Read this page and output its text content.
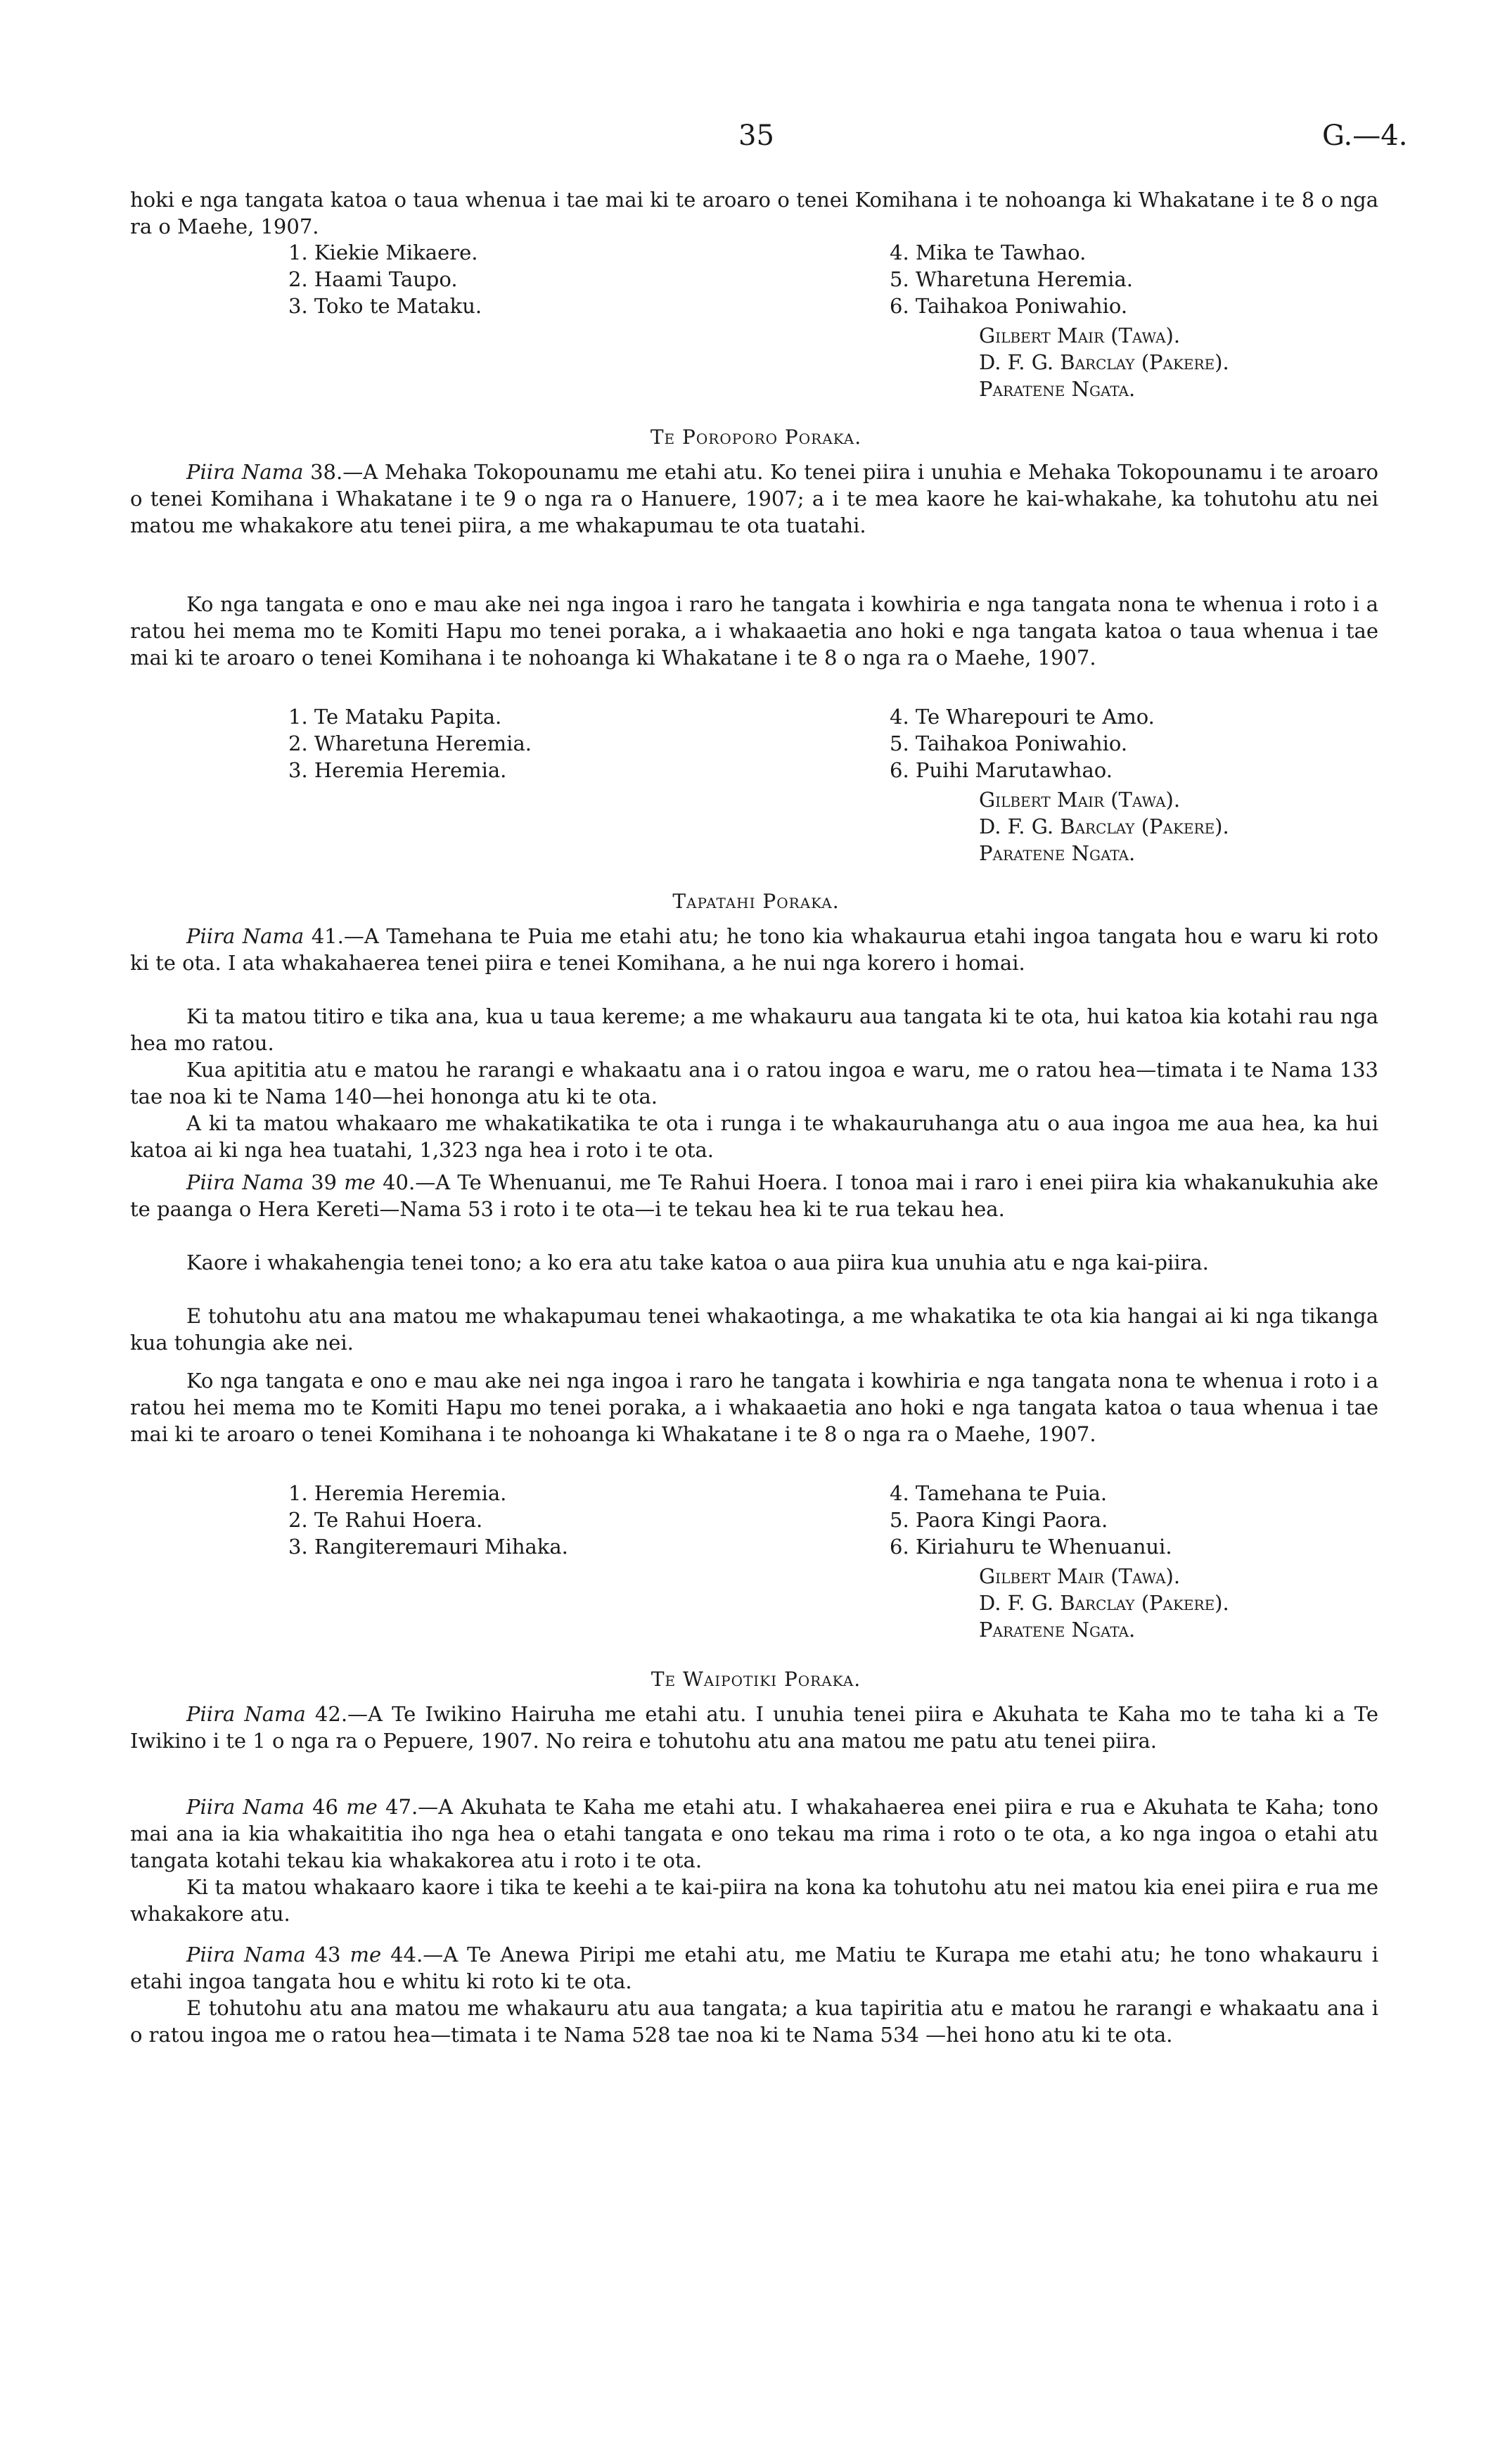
35	G.—4.

hoki e nga tangata katoa o taua whenua i tae mai ki te aroaro o tenei Komihana i te nohoanga ki Whakatane i te 8 o nga ra o Maehe, 1907.

1. Kiekie Mikaere.
2. Haami Taupo.
3. Toko te Mataku.
4. Mika te Tawhao.
5. Wharetuna Heremia.
6. Taihakoa Poniwahio.
Gilbert Mair (Tawa).
D. F. G. Barclay (Pakere).
Paratene Ngata.
Te Poroporo Poraka.

Piira Nama 38.—A Mehaka Tokopounamu me etahi atu. Ko tenei piira i unuhia e Mehaka Tokopounamu i te aroaro o tenei Komihana i Whakatane i te 9 o nga ra o Hanuere, 1907; a i te mea kaore he kai-whakahe, ka tohutohu atu nei matou me whakakore atu tenei piira, a me whakapumau te ota tuatahi.

Ko nga tangata e ono e mau ake nei nga ingoa i raro he tangata i kowhiria e nga tangata nona te whenua i roto i a ratou hei mema mo te Komiti Hapu mo tenei poraka, a i whakaaetia ano hoki e nga tangata katoa o taua whenua i tae mai ki te aroaro o tenei Komihana i te nohoanga ki Whakatane i te 8 o nga ra o Maehe, 1907.

1. Te Mataku Papita.
2. Wharetuna Heremia.
3. Heremia Heremia.
4. Te Wharepouri te Amo.
5. Taihakoa Poniwahio.
6. Puihi Marutawhao.
Gilbert Mair (Tawa).
D. F. G. Barclay (Pakere).
Paratene Ngata.
Tapatahi Poraka.

Piira Nama 41.—A Tamehana te Puia me etahi atu; he tono kia whakaurua etahi ingoa tangata hou e waru ki roto ki te ota. I ata whakahaerea tenei piira e tenei Komihana, a he nui nga korero i homai.

Ki ta matou titiro e tika ana, kua u taua kereme; a me whakauru aua tangata ki te ota, hui katoa kia kotahi rau nga hea mo ratou.

Kua apititia atu e matou he rarangi e whakaatu ana i o ratou ingoa e waru, me o ratou hea—timata i te Nama 133 tae noa ki te Nama 140—hei hononga atu ki te ota.

A ki ta matou whakaaro me whakatikatika te ota i runga i te whakauruhanga atu o aua ingoa me aua hea, ka hui katoa ai ki nga hea tuatahi, 1,323 nga hea i roto i te ota.

Piira Nama 39 me 40.—A Te Whenuanui, me Te Rahui Hoera. I tonoa mai i raro i enei piira kia whakanukuhia ake te paanga o Hera Kereti—Nama 53 i roto i te ota—i te tekau hea ki te rua tekau hea.

Kaore i whakahengia tenei tono; a ko era atu take katoa o aua piira kua unuhia atu e nga kai-piira.

E tohutohu atu ana matou me whakapumau tenei whakaotinga, a me whakatika te ota kia hangai ai ki nga tikanga kua tohungia ake nei.

Ko nga tangata e ono e mau ake nei nga ingoa i raro he tangata i kowhiria e nga tangata nona te whenua i roto i a ratou hei mema mo te Komiti Hapu mo tenei poraka, a i whakaaetia ano hoki e nga tangata katoa o taua whenua i tae mai ki te aroaro o tenei Komihana i te nohoanga ki Whakatane i te 8 o nga ra o Maehe, 1907.

1. Heremia Heremia.
2. Te Rahui Hoera.
3. Rangiteremauri Mihaka.
4. Tamehana te Puia.
5. Paora Kingi Paora.
6. Kiriahuru te Whenuanui.
Gilbert Mair (Tawa).
D. F. G. Barclay (Pakere).
Paratene Ngata.
Te Waipotiki Poraka.

Piira Nama 42.—A Te Iwikino Hairuha me etahi atu. I unuhia tenei piira e Akuhata te Kaha mo te taha ki a Te Iwikino i te 1 o nga ra o Pepuere, 1907. No reira e tohutohu atu ana matou me patu atu tenei piira.

Piira Nama 46 me 47.—A Akuhata te Kaha me etahi atu. I whakahaerea enei piira e rua e Akuhata te Kaha; tono mai ana ia kia whakaititia iho nga hea o etahi tangata e ono tekau ma rima i roto o te ota, a ko nga ingoa o etahi atu tangata kotahi tekau kia whakakorea atu i roto i te ota.

Ki ta matou whakaaro kaore i tika te keehi a te kai-piira na kona ka tohutohu atu nei matou kia enei piira e rua me whakakore atu.

Piira Nama 43 me 44.—A Te Anewa Piripi me etahi atu, me Matiu te Kurapa me etahi atu; he tono whakauru i etahi ingoa tangata hou e whitu ki roto ki te ota.

E tohutohu atu ana matou me whakauru atu aua tangata; a kua tapiritia atu e matou he rarangi e whakaatu ana i o ratou ingoa me o ratou hea—timata i te Nama 528 tae noa ki te Nama 534 —hei hono atu ki te ota.
